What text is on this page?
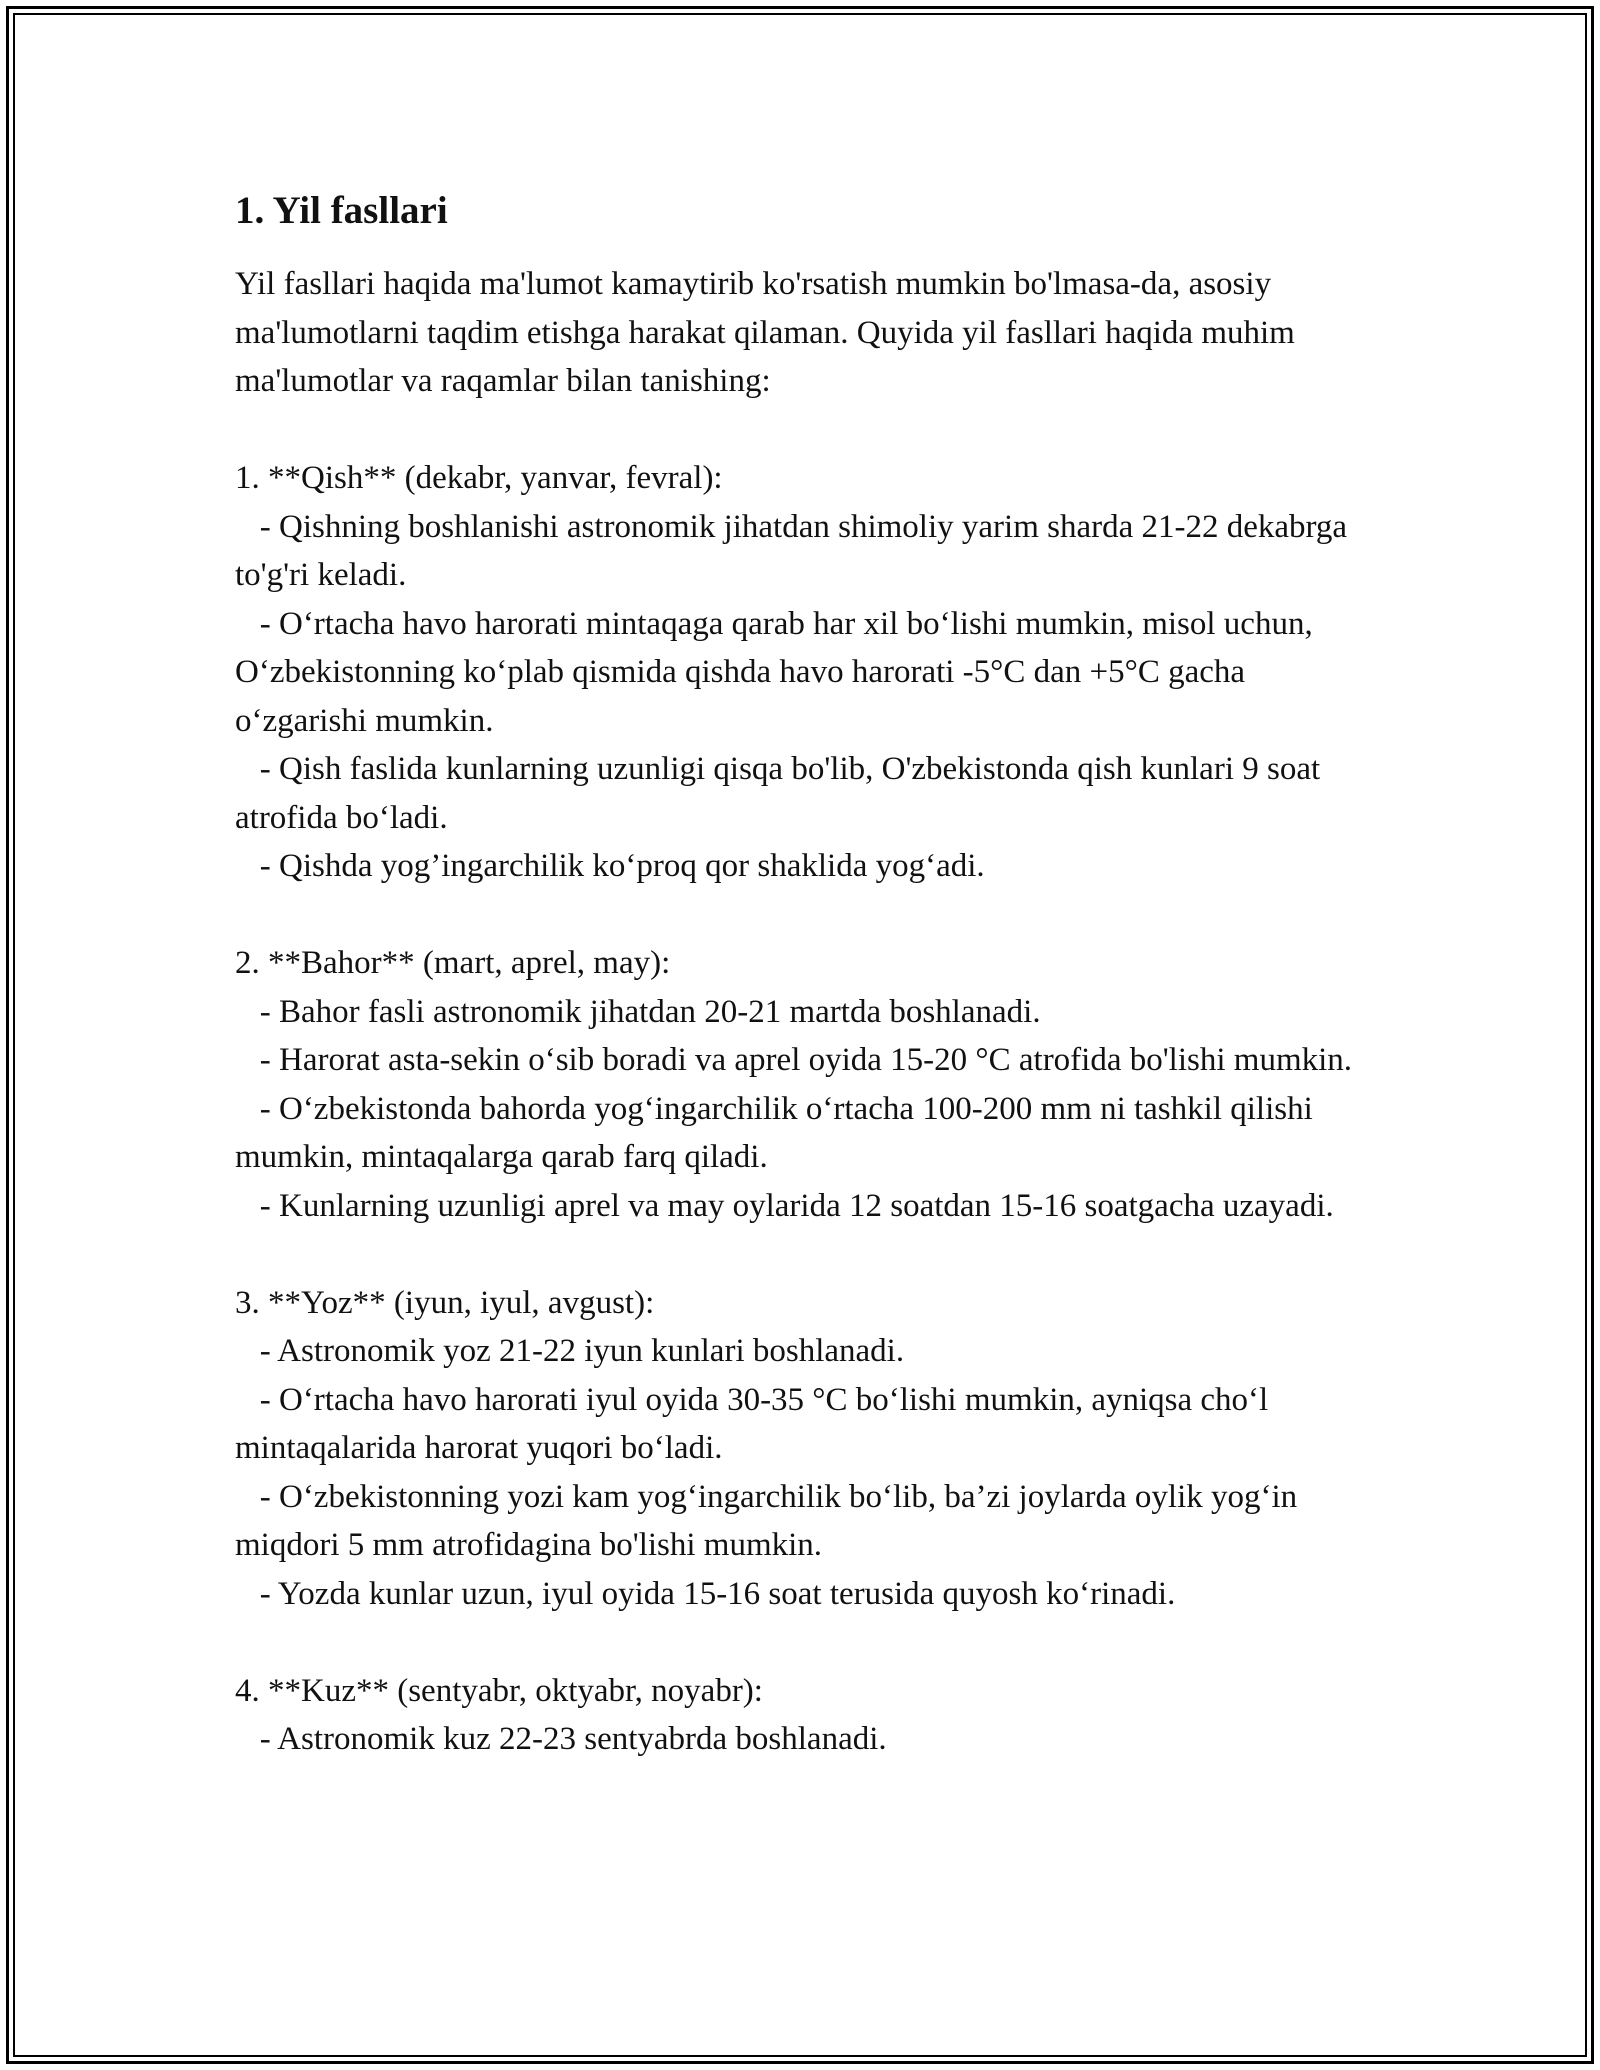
1. Yil fasllari

Yil fasllari haqida ma'lumot kamaytirib ko'rsatish mumkin bo'lmasa-da, asosiy ma'lumotlarni taqdim etishga harakat qilaman. Quyida yil fasllari haqida muhim ma'lumotlar va raqamlar bilan tanishing:

1. **Qish** (dekabr, yanvar, fevral):

- Qishning boshlanishi astronomik jihatdan shimoliy yarim sharda 21-22 dekabrga to'g'ri keladi.

- O‘rtacha havo harorati mintaqaga qarab har xil bo‘lishi mumkin, misol uchun, O‘zbekistonning ko‘plab qismida qishda havo harorati -5°C dan +5°C gacha o‘zgarishi mumkin.

- Qish faslida kunlarning uzunligi qisqa bo'lib, O'zbekistonda qish kunlari 9 soat atrofida bo‘ladi.

- Qishda yog’ingarchilik ko‘proq qor shaklida yog‘adi.

2. **Bahor** (mart, aprel, may):

- Bahor fasli astronomik jihatdan 20-21 martda boshlanadi.

- Harorat asta-sekin o‘sib boradi va aprel oyida 15-20 °C atrofida bo'lishi mumkin.

- O‘zbekistonda bahorda yog‘ingarchilik o‘rtacha 100-200 mm ni tashkil qilishi mumkin, mintaqalarga qarab farq qiladi.

- Kunlarning uzunligi aprel va may oylarida 12 soatdan 15-16 soatgacha uzayadi.

3. **Yoz** (iyun, iyul, avgust):

- Astronomik yoz 21-22 iyun kunlari boshlanadi.

- O‘rtacha havo harorati iyul oyida 30-35 °C bo‘lishi mumkin, ayniqsa cho‘l mintaqalarida harorat yuqori bo‘ladi.

- O‘zbekistonning yozi kam yog‘ingarchilik bo‘lib, ba’zi joylarda oylik yog‘in miqdori 5 mm atrofidagina bo'lishi mumkin.

- Yozda kunlar uzun, iyul oyida 15-16 soat terusida quyosh ko‘rinadi.

4. **Kuz** (sentyabr, oktyabr, noyabr):

- Astronomik kuz 22-23 sentyabrda boshlanadi.
